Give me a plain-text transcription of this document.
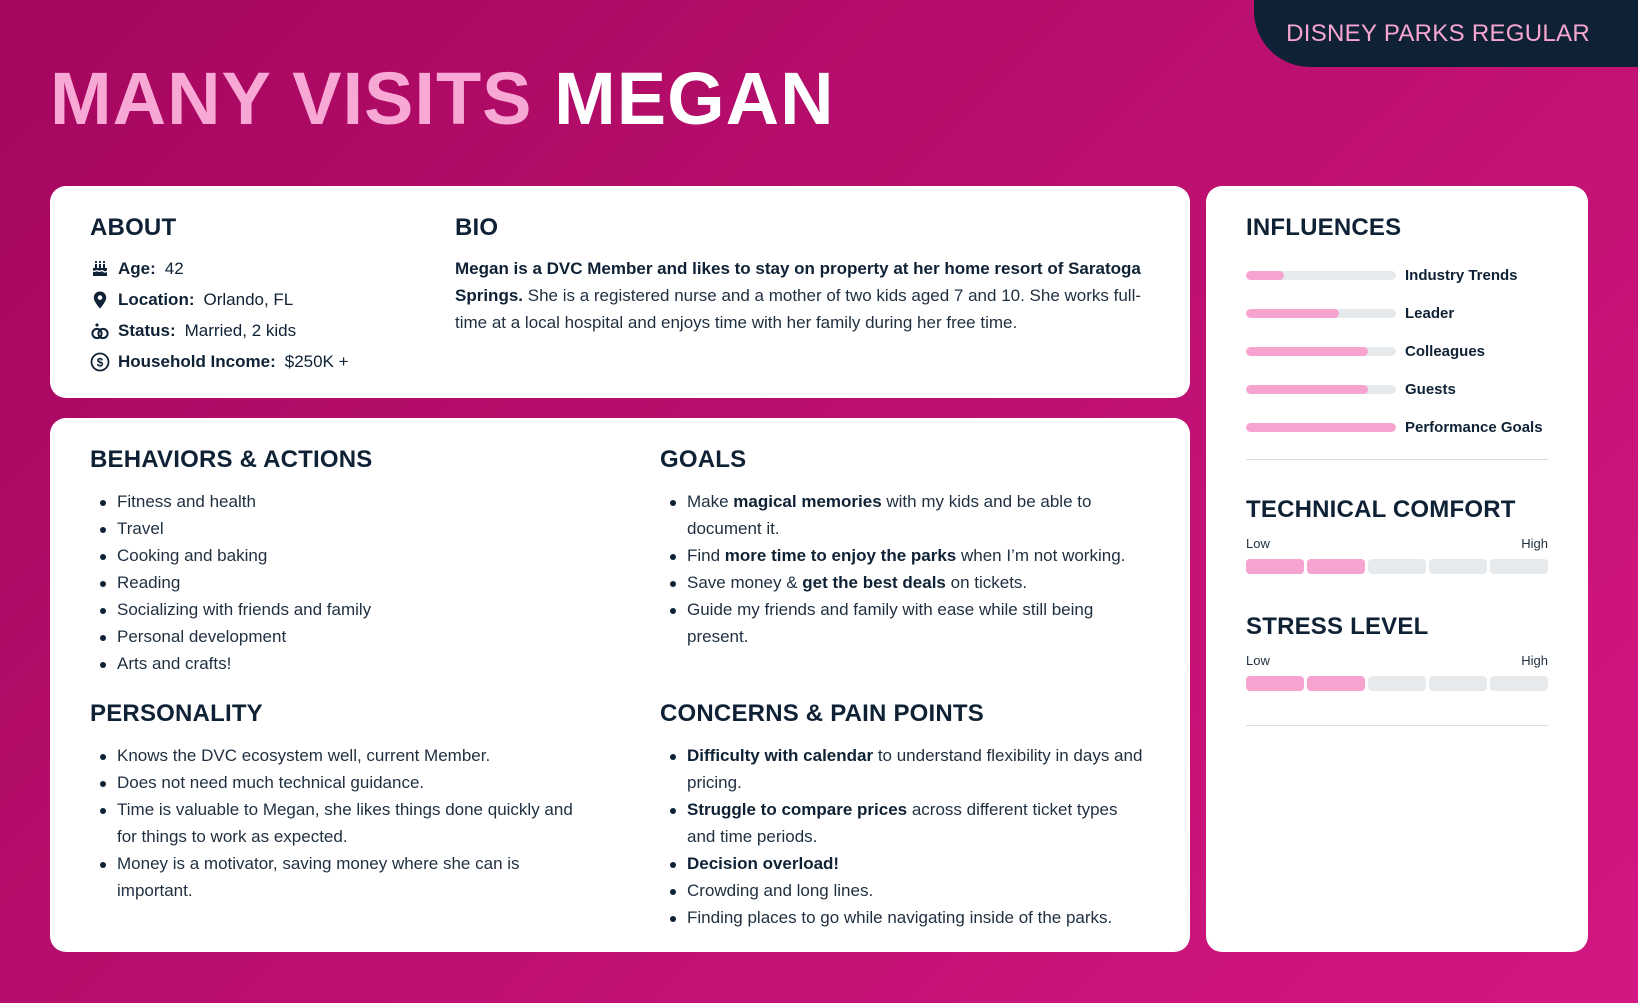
DISNEY PARKS REGULAR
MANY VISITS MEGAN
ABOUT
Age: 42
Location: Orlando, FL
Status: Married, 2 kids
$ Household Income: $250K +
BIO

Megan is a DVC Member and likes to stay on property at her home resort of Saratoga Springs. She is a registered nurse and a mother of two kids aged 7 and 10. She works full-time at a local hospital and enjoys time with her family during her free time.

BEHAVIORS & ACTIONS
Fitness and health
Travel
Cooking and baking
Reading
Socializing with friends and family
Personal development
Arts and crafts!
PERSONALITY
Knows the DVC ecosystem well, current Member.
Does not need much technical guidance.
Time is valuable to Megan, she likes things done quickly and for things to work as expected.
Money is a motivator, saving money where she can is important.
GOALS
Make magical memories with my kids and be able to document it.
Find more time to enjoy the parks when I’m not working.
Save money & get the best deals on tickets.
Guide my friends and family with ease while still being present.
CONCERNS & PAIN POINTS
Difficulty with calendar to understand flexibility in days and pricing.
Struggle to compare prices across different ticket types and time periods.
Decision overload!
Crowding and long lines.
Finding places to go while navigating inside of the parks.
INFLUENCES
Industry Trends
Leader
Colleagues
Guests
Performance Goals
TECHNICAL COMFORT
Low	High
STRESS LEVEL
Low	High
